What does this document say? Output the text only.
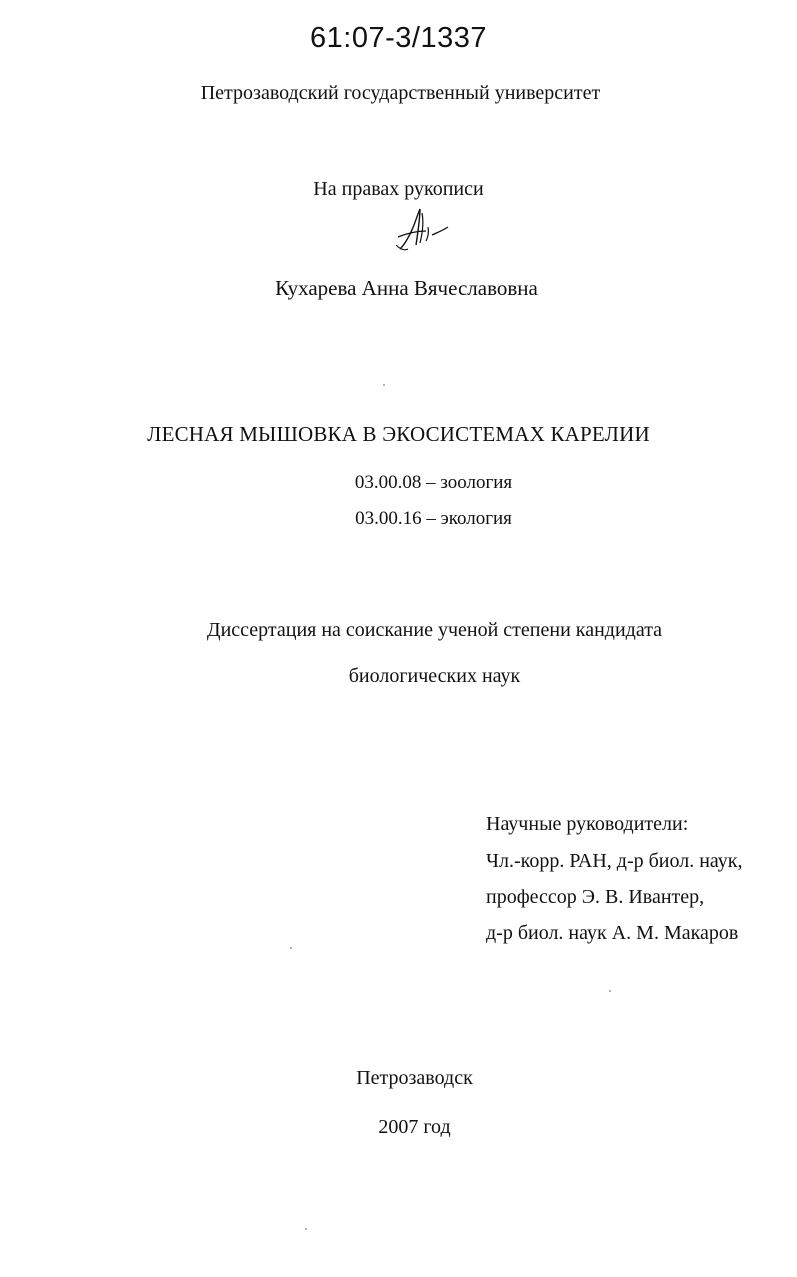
61:07-3/1337
Петрозаводский государственный университет
На правах рукописи
Кухарева Анна Вячеславовна
ЛЕСНАЯ МЫШОВКА В ЭКОСИСТЕМАХ КАРЕЛИИ
03.00.08 – зоология
03.00.16 – экология
Диссертация на соискание ученой степени кандидата
биологических наук
Научные руководители:
Чл.-корр. РАН, д-р биол. наук,
профессор Э. В. Ивантер,
д-р биол. наук А. М. Макаров
Петрозаводск
2007 год
